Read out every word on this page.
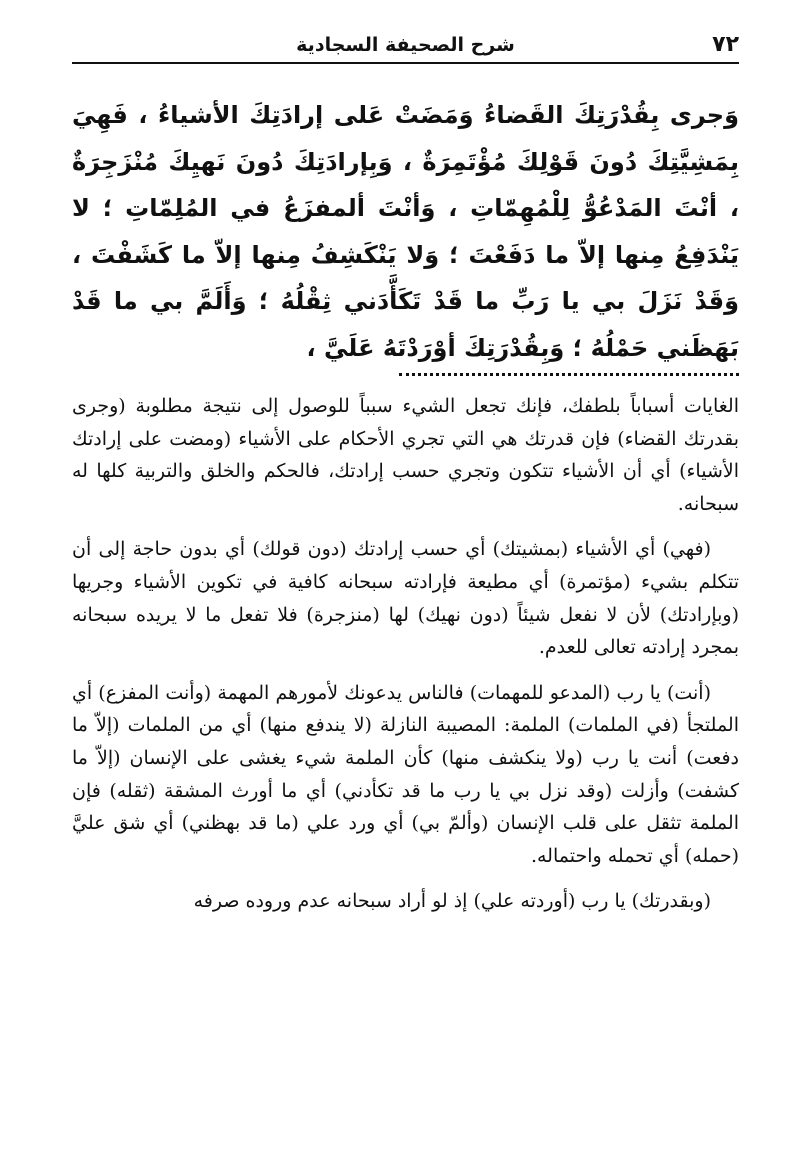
٧٢
شرح الصحيفة السجادية

وَجرى بِقُدْرَتِكَ القَضاءُ وَمَضَتْ عَلى إرادَتِكَ الأشياءُ ، فَهِيَ بِمَشِيَّتِكَ دُونَ قَوْلِكَ مُؤْتَمِرَةٌ ، وَبِإرادَتِكَ دُونَ نَهيِكَ مُنْزَجِرَةٌ ، أنْتَ المَدْعُوُّ لِلْمُهِمّاتِ ، وَأنْتَ ألمفزَعُ في المُلِمّاتِ ؛ لا يَنْدَفِعُ مِنها إلاّ ما دَفَعْتَ ؛ وَلا يَنْكَشِفُ مِنها إلاّ ما كَشَفْتَ ، وَقَدْ نَزَلَ بي يا رَبِّ ما قَدْ تَكَأَّدَني ثِقْلُهُ ؛ وَأَلَمَّ بي ما قَدْ بَهَظَني حَمْلُهُ ؛ وَبِقُدْرَتِكَ أوْرَدْتَهُ عَلَيَّ ،

الغايات أسباباً بلطفك، فإنك تجعل الشيء سبباً للوصول إلى نتيجة مطلوبة (وجرى بقدرتك القضاء) فإن قدرتك هي التي تجري الأحكام على الأشياء (ومضت على إرادتك الأشياء) أي أن الأشياء تتكون وتجري حسب إرادتك، فالحكم والخلق والتربية كلها له سبحانه.

(فهي) أي الأشياء (بمشيتك) أي حسب إرادتك (دون قولك) أي بدون حاجة إلى أن تتكلم بشيء (مؤتمرة) أي مطيعة فإرادته سبحانه كافية في تكوين الأشياء وجريها (وبإرادتك) لأن لا نفعل شيئاً (دون نهيك) لها (منزجرة) فلا تفعل ما لا يريده سبحانه بمجرد إرادته تعالى للعدم.

(أنت) يا رب (المدعو للمهمات) فالناس يدعونك لأمورهم المهمة (وأنت المفزع) أي الملتجأ (في الملمات) الملمة: المصيبة النازلة (لا يندفع منها) أي من الملمات (إلاّ ما دفعت) أنت يا رب (ولا ينكشف منها) كأن الملمة شيء يغشى على الإنسان (إلاّ ما كشفت) وأزلت (وقد نزل بي يا رب ما قد تكأدني) أي ما أورث المشقة (ثقله) فإن الملمة تثقل على قلب الإنسان (وألمّ بي) أي ورد علي (ما قد بهظني) أي شق عليَّ (حمله) أي تحمله واحتماله.

(وبقدرتك) يا رب (أوردته علي) إذ لو أراد سبحانه عدم وروده صرفه
